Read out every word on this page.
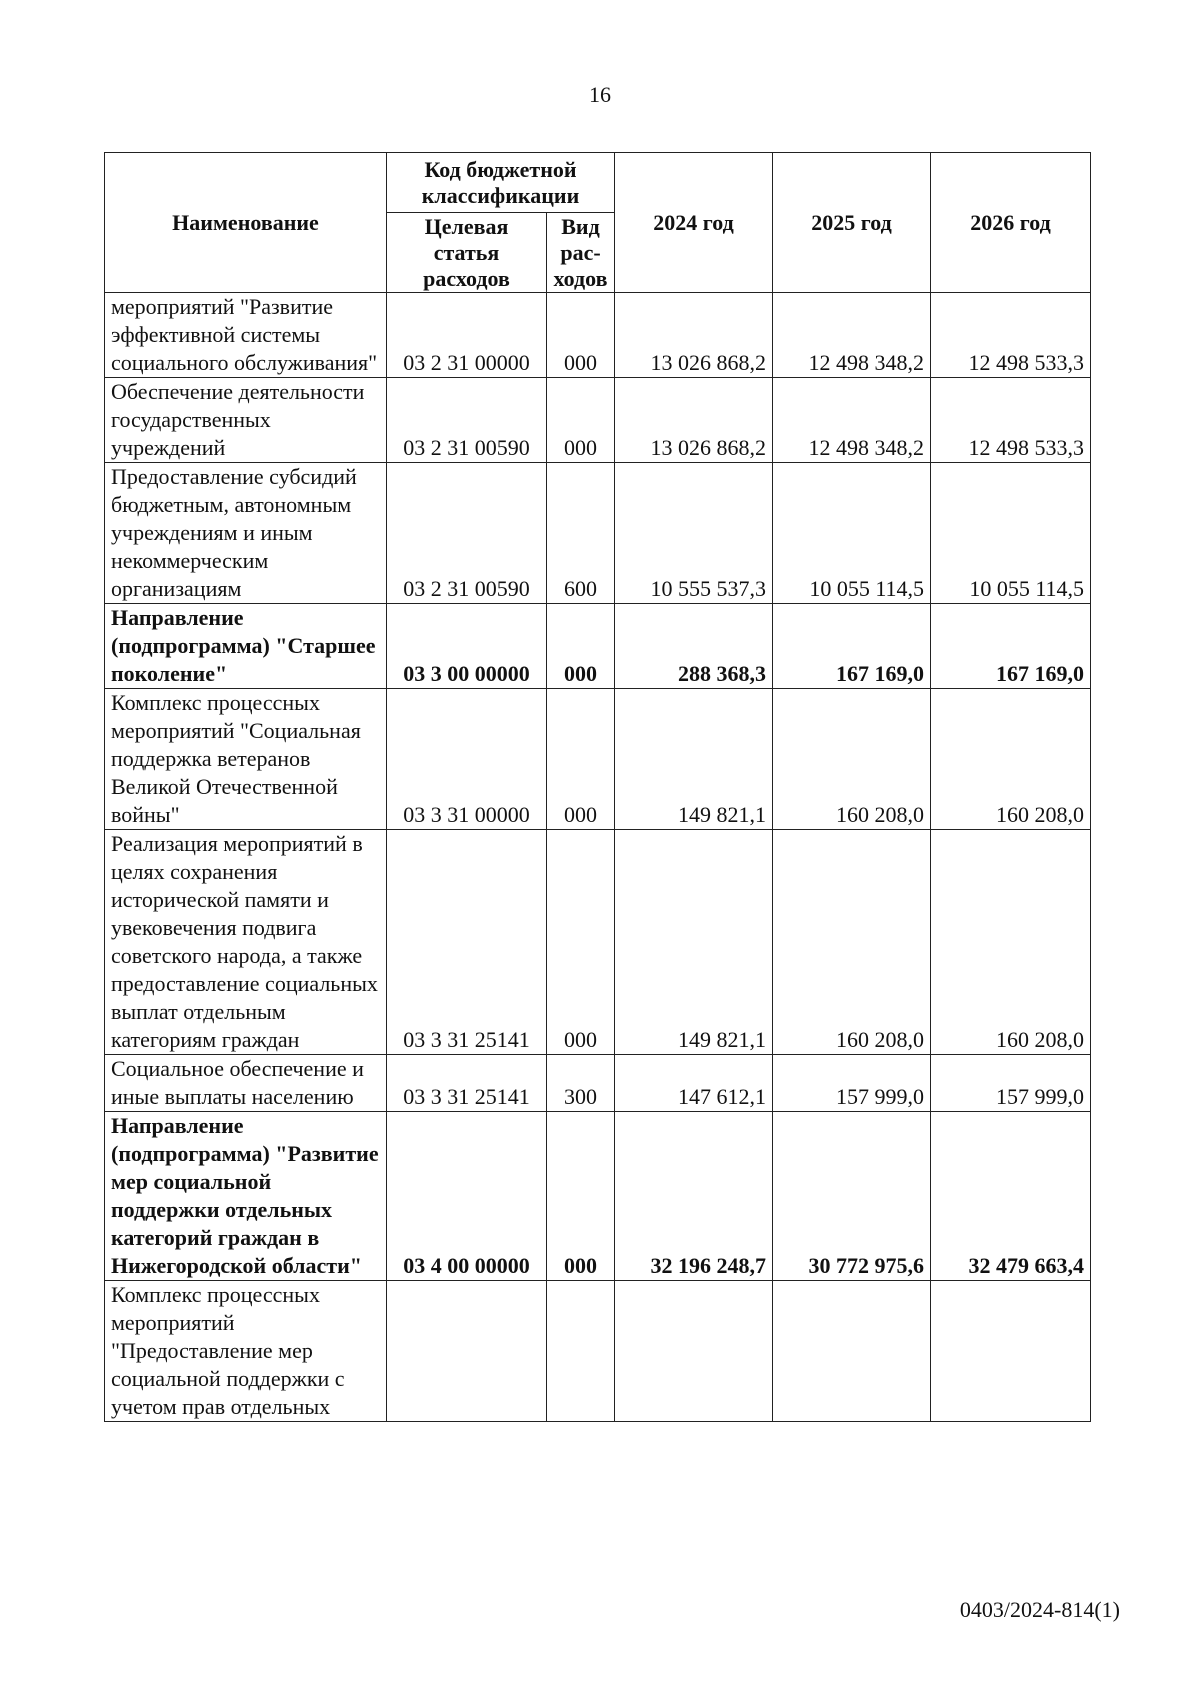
16
Наименование	Код бюджетной классификации		2024 год	2025 год	2026 год
	Целевая статья расходов	Вид рас-ходов			
мероприятий "Развитие эффективной системы социального обслуживания"	03 2 31 00000	000	13 026 868,2	12 498 348,2	12 498 533,3
Обеспечение деятельности государственных учреждений	03 2 31 00590	000	13 026 868,2	12 498 348,2	12 498 533,3
Предоставление субсидий бюджетным, автономным учреждениям и иным некоммерческим организациям	03 2 31 00590	600	10 555 537,3	10 055 114,5	10 055 114,5
Направление (подпрограмма) "Старшее поколение"	03 3 00 00000	000	288 368,3	167 169,0	167 169,0
Комплекс процессных мероприятий "Социальная поддержка ветеранов Великой Отечественной войны"	03 3 31 00000	000	149 821,1	160 208,0	160 208,0
Реализация мероприятий в целях сохранения исторической памяти и увековечения подвига советского народа, а также предоставление социальных выплат отдельным категориям граждан	03 3 31 25141	000	149 821,1	160 208,0	160 208,0
Социальное обеспечение и иные выплаты населению	03 3 31 25141	300	147 612,1	157 999,0	157 999,0
Направление (подпрограмма) "Развитие мер социальной поддержки отдельных категорий граждан в Нижегородской области"	03 4 00 00000	000	32 196 248,7	30 772 975,6	32 479 663,4
Комплекс процессных мероприятий "Предоставление мер социальной поддержки с учетом прав отдельных					
0403/2024-814(1)
